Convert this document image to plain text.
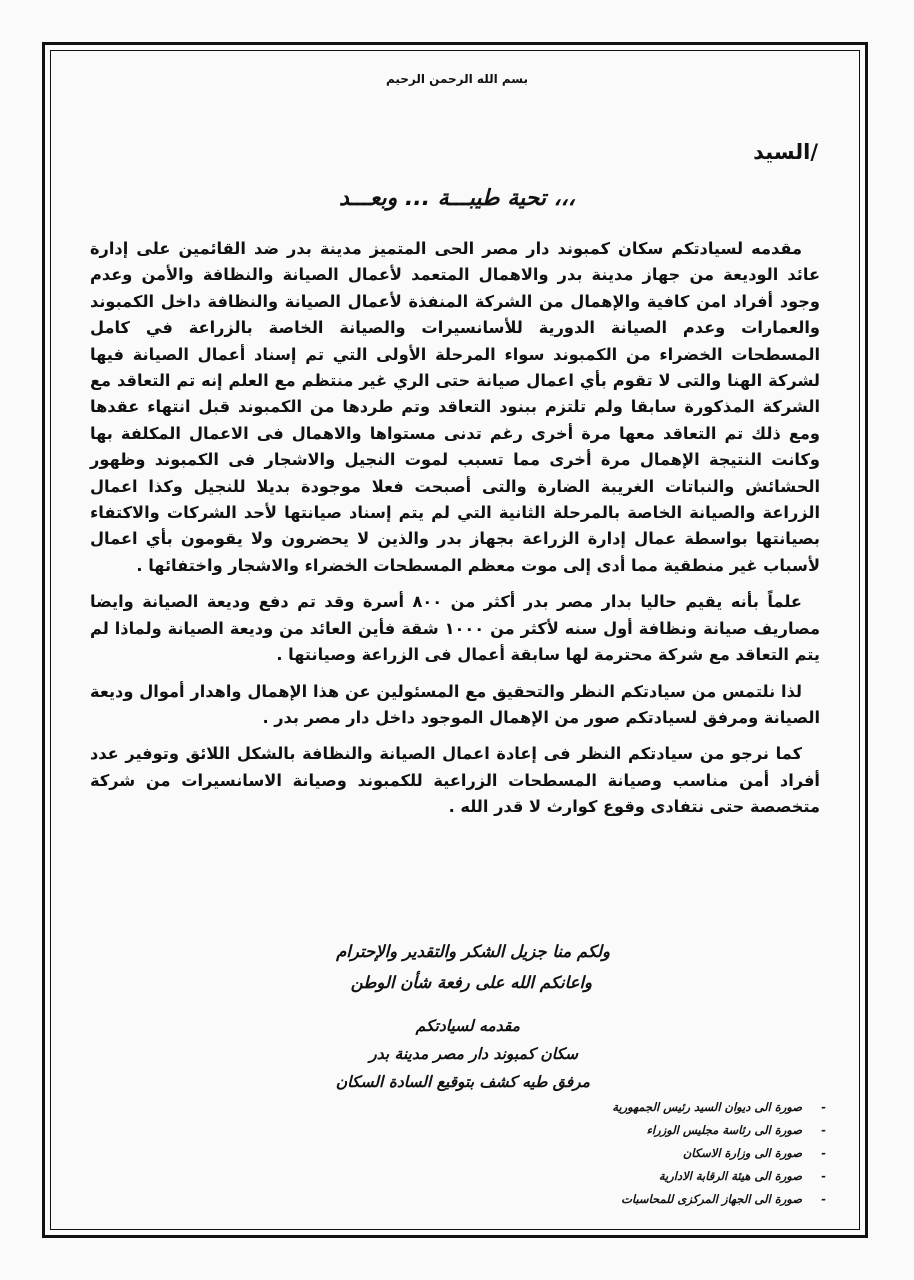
بسم الله الرحمن الرحيم
السيد/
تحية طيبـــة ... وبعـــد ،،،

مقدمه لسيادتكم سكان كمبوند دار مصر الحى المتميز مدينة بدر ضد القائمين على إدارة عائد الوديعة من جهاز مدينة بدر والاهمال المتعمد لأعمال الصيانة والنظافة والأمن وعدم وجود أفراد امن كافية والإهمال من الشركة المنفذة لأعمال الصيانة والنظافة داخل الكمبوند والعمارات وعدم الصيانة الدورية للأسانسيرات والصيانة الخاصة بالزراعة في كامل المسطحات الخضراء من الكمبوند سواء المرحلة الأولى التي تم إسناد أعمال الصيانة فيها لشركة الهنا والتى لا تقوم بأي اعمال صيانة حتى الري غير منتظم مع العلم إنه تم التعاقد مع الشركة المذكورة سابقا ولم تلتزم ببنود التعاقد وتم طردها من الكمبوند قبل انتهاء عقدها ومع ذلك تم التعاقد معها مرة أخرى رغم تدنى مستواها والاهمال فى الاعمال المكلفة بها وكانت النتيجة الإهمال مرة أخرى مما تسبب لموت النجيل والاشجار فى الكمبوند وظهور الحشائش والنباتات الغريبة الضارة والتى أصبحت فعلا موجودة بديلا للنجيل وكذا اعمال الزراعة والصيانة الخاصة بالمرحلة الثانية التي لم يتم إسناد صيانتها لأحد الشركات والاكتفاء بصيانتها بواسطة عمال إدارة الزراعة بجهاز بدر والذين لا يحضرون ولا يقومون بأي اعمال لأسباب غير منطقية مما أدى إلى موت معظم المسطحات الخضراء والاشجار واختفائها .

علماً بأنه يقيم حاليا بدار مصر بدر أكثر من ٨٠٠ أسرة وقد تم دفع وديعة الصيانة وايضا مصاريف صيانة ونظافة أول سنه لأكثر من ١٠٠٠ شقة فأين العائد من وديعة الصيانة ولماذا لم يتم التعاقد مع شركة محترمة لها سابقة أعمال فى الزراعة وصيانتها .

لذا نلتمس من سيادتكم النظر والتحقيق مع المسئولين عن هذا الإهمال واهدار أموال وديعة الصيانة ومرفق لسيادتكم صور من الإهمال الموجود داخل دار مصر بدر .

كما نرجو من سيادتكم النظر فى إعادة اعمال الصيانة والنظافة بالشكل اللائق وتوفير عدد أفراد أمن مناسب وصيانة المسطحات الزراعية للكمبوند وصيانة الاسانسيرات من شركة متخصصة حتى نتفادى وقوع كوارث لا قدر الله .

ولكم منا جزيل الشكر والتقدير والإحترام
واعانكم الله على رفعة شأن الوطن
مقدمه لسيادتكم
سكان كمبوند دار مصر مدينة بدر
مرفق طيه كشف بتوقيع السادة السكان
-صورة الى ديوان السيد رئيس الجمهورية
-صورة الى رئاسة مجليس الوزراء
-صورة الى وزارة الاسكان
-صورة الى هيئة الرقابة الادارية
-صورة الى الجهاز المركزى للمحاسبات
